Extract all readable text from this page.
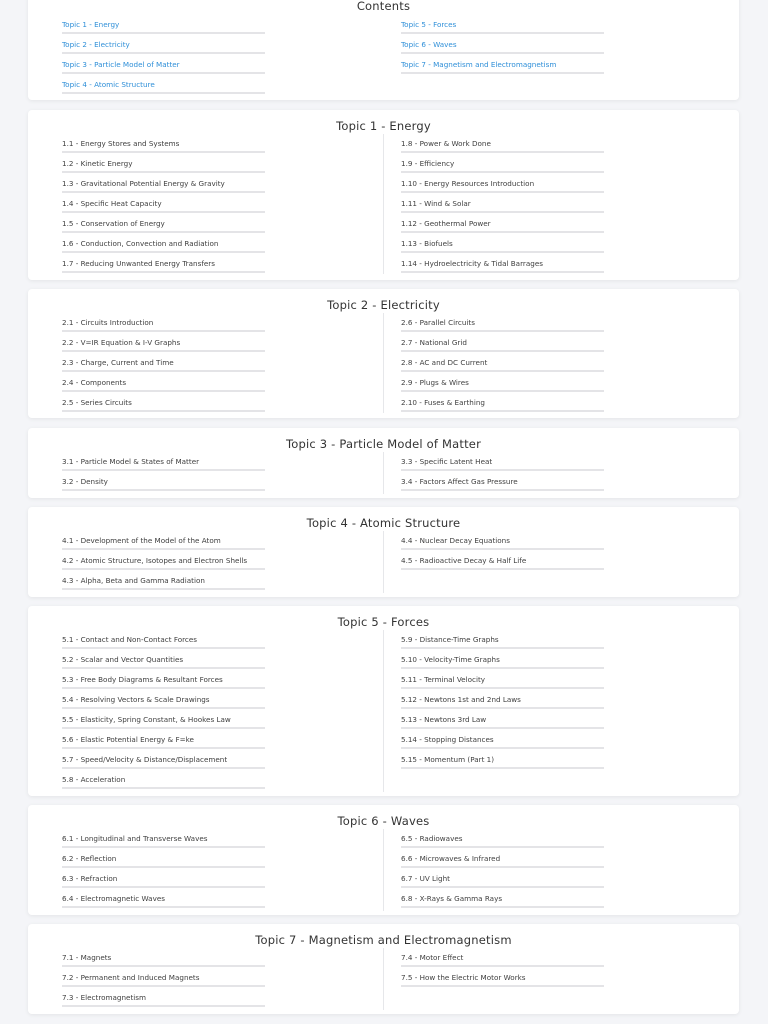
Contents
Topic 1 - Energy
Topic 2 - Electricity
Topic 3 - Particle Model of Matter
Topic 4 - Atomic Structure
Topic 5 - Forces
Topic 6 - Waves
Topic 7 - Magnetism and Electromagnetism
Topic 1 - Energy
1.1 - Energy Stores and Systems
1.2 - Kinetic Energy
1.3 - Gravitational Potential Energy & Gravity
1.4 - Specific Heat Capacity
1.5 - Conservation of Energy
1.6 - Conduction, Convection and Radiation
1.7 - Reducing Unwanted Energy Transfers
1.8 - Power & Work Done
1.9 - Efficiency
1.10 - Energy Resources Introduction
1.11 - Wind & Solar
1.12 - Geothermal Power
1.13 - Biofuels
1.14 - Hydroelectricity & Tidal Barrages
Topic 2 - Electricity
2.1 - Circuits Introduction
2.2 - V=IR Equation & I-V Graphs
2.3 - Charge, Current and Time
2.4 - Components
2.5 - Series Circuits
2.6 - Parallel Circuits
2.7 - National Grid
2.8 - AC and DC Current
2.9 - Plugs & Wires
2.10 - Fuses & Earthing
Topic 3 - Particle Model of Matter
3.1 - Particle Model & States of Matter
3.2 - Density
3.3 - Specific Latent Heat
3.4 - Factors Affect Gas Pressure
Topic 4 - Atomic Structure
4.1 - Development of the Model of the Atom
4.2 - Atomic Structure, Isotopes and Electron Shells
4.3 - Alpha, Beta and Gamma Radiation
4.4 - Nuclear Decay Equations
4.5 - Radioactive Decay & Half Life
Topic 5 - Forces
5.1 - Contact and Non-Contact Forces
5.2 - Scalar and Vector Quantities
5.3 - Free Body Diagrams & Resultant Forces
5.4 - Resolving Vectors & Scale Drawings
5.5 - Elasticity, Spring Constant, & Hookes Law
5.6 - Elastic Potential Energy & F=ke
5.7 - Speed/Velocity & Distance/Displacement
5.8 - Acceleration
5.9 - Distance-Time Graphs
5.10 - Velocity-Time Graphs
5.11 - Terminal Velocity
5.12 - Newtons 1st and 2nd Laws
5.13 - Newtons 3rd Law
5.14 - Stopping Distances
5.15 - Momentum (Part 1)
Topic 6 - Waves
6.1 - Longitudinal and Transverse Waves
6.2 - Reflection
6.3 - Refraction
6.4 - Electromagnetic Waves
6.5 - Radiowaves
6.6 - Microwaves & Infrared
6.7 - UV Light
6.8 - X-Rays & Gamma Rays
Topic 7 - Magnetism and Electromagnetism
7.1 - Magnets
7.2 - Permanent and Induced Magnets
7.3 - Electromagnetism
7.4 - Motor Effect
7.5 - How the Electric Motor Works
